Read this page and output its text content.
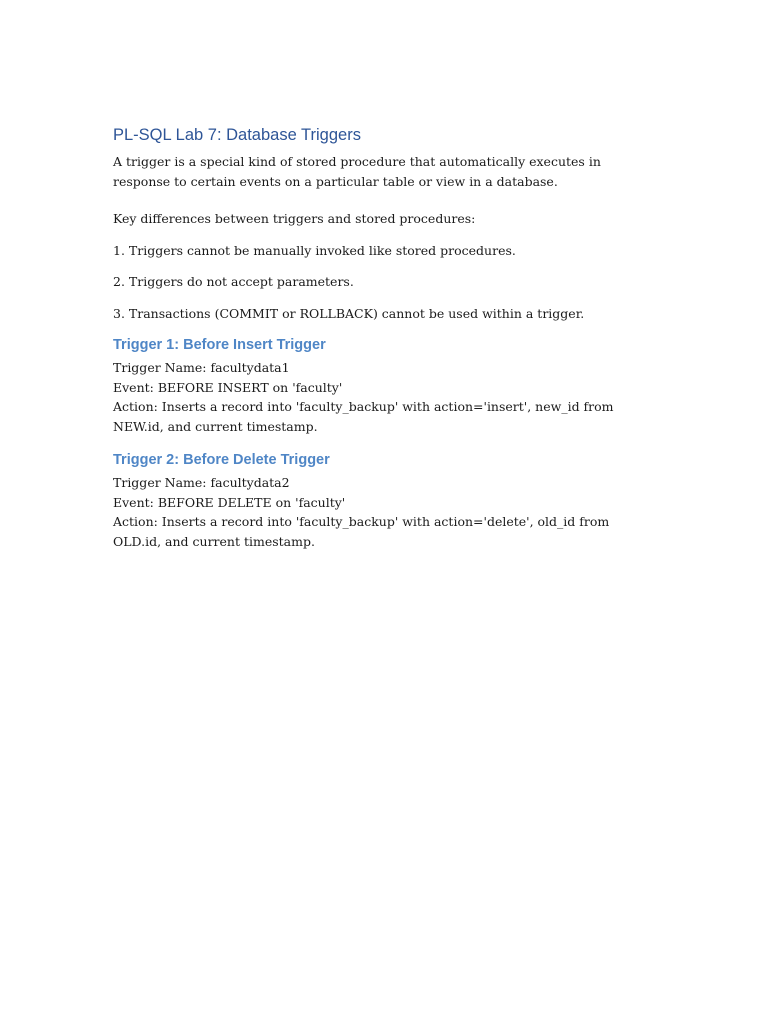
PL-SQL Lab 7: Database Triggers

A trigger is a special kind of stored procedure that automatically executes in response to certain events on a particular table or view in a database.

Key differences between triggers and stored procedures:

1. Triggers cannot be manually invoked like stored procedures.

2. Triggers do not accept parameters.

3. Transactions (COMMIT or ROLLBACK) cannot be used within a trigger.

Trigger 1: Before Insert Trigger

Trigger Name: facultydata1

Event: BEFORE INSERT on 'faculty'

Action: Inserts a record into 'faculty_backup' with action='insert', new_id from NEW.id, and current timestamp.

Trigger 2: Before Delete Trigger

Trigger Name: facultydata2

Event: BEFORE DELETE on 'faculty'

Action: Inserts a record into 'faculty_backup' with action='delete', old_id from OLD.id, and current timestamp.
